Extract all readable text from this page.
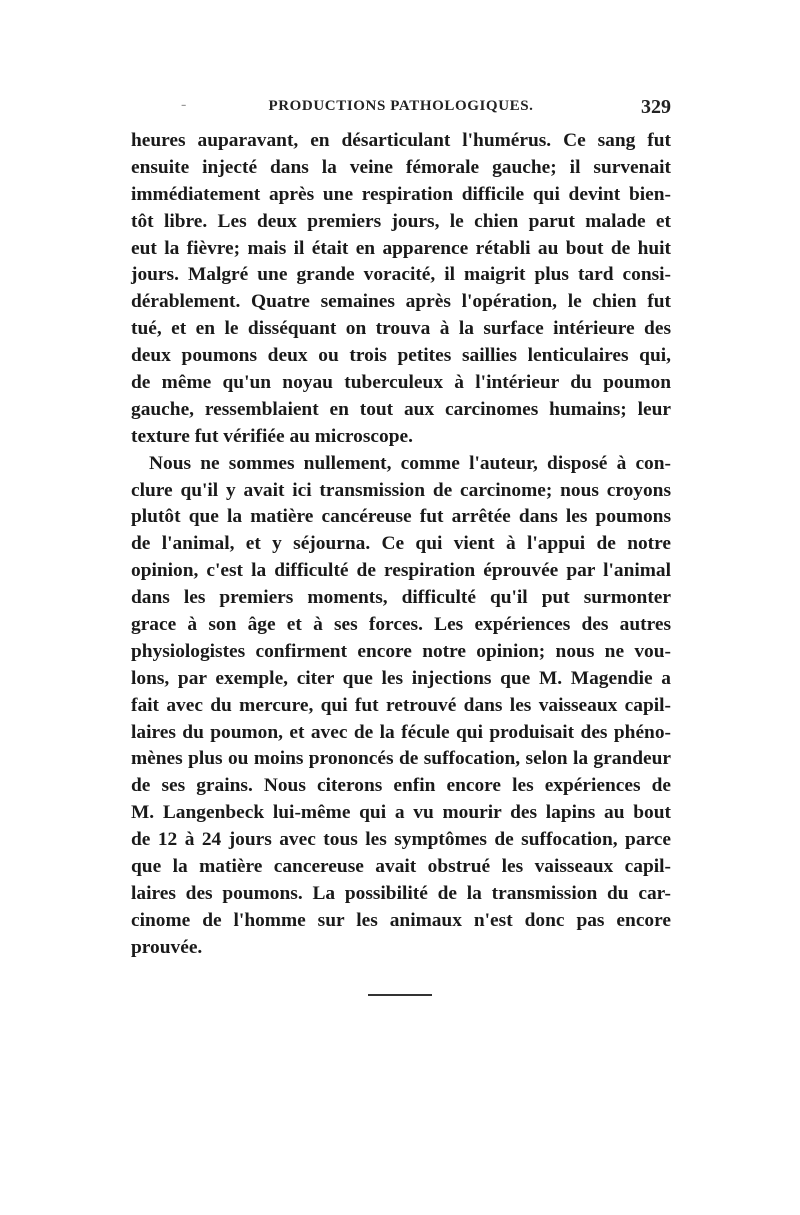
-	PRODUCTIONS PATHOLOGIQUES.	329
heures auparavant, en désarticulant l'humérus. Ce sang fut
ensuite injecté dans la veine fémorale gauche; il survenait
immédiatement après une respiration difficile qui devint bien-
tôt libre. Les deux premiers jours, le chien parut malade et
eut la fièvre; mais il était en apparence rétabli au bout de huit
jours. Malgré une grande voracité, il maigrit plus tard consi-
dérablement. Quatre semaines après l'opération, le chien fut
tué, et en le disséquant on trouva à la surface intérieure des
deux poumons deux ou trois petites saillies lenticulaires qui,
de même qu'un noyau tuberculeux à l'intérieur du poumon
gauche, ressemblaient en tout aux carcinomes humains; leur
texture fut vérifiée au microscope.
Nous ne sommes nullement, comme l'auteur, disposé à con-
clure qu'il y avait ici transmission de carcinome; nous croyons
plutôt que la matière cancéreuse fut arrêtée dans les poumons
de l'animal, et y séjourna. Ce qui vient à l'appui de notre
opinion, c'est la difficulté de respiration éprouvée par l'animal
dans les premiers moments, difficulté qu'il put surmonter
grace à son âge et à ses forces. Les expériences des autres
physiologistes confirment encore notre opinion; nous ne vou-
lons, par exemple, citer que les injections que M. Magendie a
fait avec du mercure, qui fut retrouvé dans les vaisseaux capil-
laires du poumon, et avec de la fécule qui produisait des phéno-
mènes plus ou moins prononcés de suffocation, selon la grandeur
de ses grains. Nous citerons enfin encore les expériences de
M. Langenbeck lui-même qui a vu mourir des lapins au bout
de 12 à 24 jours avec tous les symptômes de suffocation, parce
que la matière cancereuse avait obstrué les vaisseaux capil-
laires des poumons. La possibilité de la transmission du car-
cinome de l'homme sur les animaux n'est donc pas encore
prouvée.
